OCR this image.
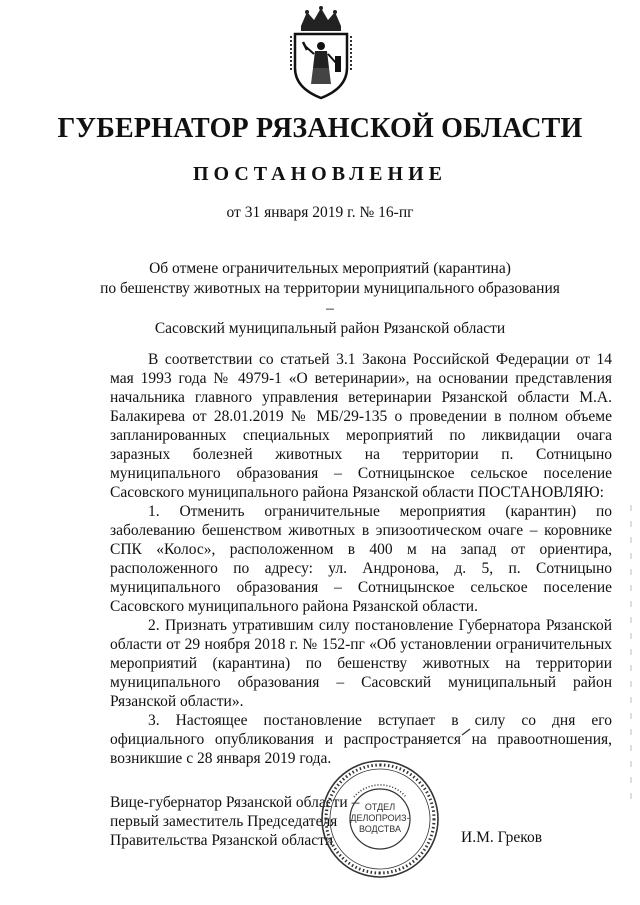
ГУБЕРНАТОР РЯЗАНСКОЙ ОБЛАСТИ
ПОСТАНОВЛЕНИЕ
от 31 января 2019 г. № 16-пг
Об отмене ограничительных мероприятий (карантина)
по бешенству животных на территории муниципального образования –
Сасовский муниципальный район Рязанской области

В соответствии со статьей 3.1 Закона Российской Федерации от 14 мая 1993 года № 4979-1 «О ветеринарии», на основании представления начальника главного управления ветеринарии Рязанской области М.А. Балакирева от 28.01.2019 № МБ/29-135 о проведении в полном объеме запланированных специальных мероприятий по ликвидации очага заразных болезней животных на территории п. Сотницыно муниципального образования – Сотницынское сельское поселение Сасовского муниципального района Рязанской области ПОСТАНОВЛЯЮ:

1. Отменить ограничительные мероприятия (карантин) по заболеванию бешенством животных в эпизоотическом очаге – коровнике СПК «Колос», расположенном в 400 м на запад от ориентира, расположенного по адресу: ул. Андронова, д. 5, п. Сотницыно муниципального образования – Сотницынское сельское поселение Сасовского муниципального района Рязанской области.

2. Признать утратившим силу постановление Губернатора Рязанской области от 29 ноября 2018 г. № 152-пг «Об установлении ограничительных мероприятий (карантина) по бешенству животных на территории муниципального образования – Сасовский муниципальный район Рязанской области».

3. Настоящее постановление вступает в силу со дня его официального опубликования и распространяется на правоотношения, возникшие с 28 января 2019 года.

Вице-губернатор Рязанской области –
первый заместитель Председателя
Правительства Рязанской области
ОТДЕЛ
ДЕЛОПРОИЗ-
ВОДСТВА	И.М. Греков
